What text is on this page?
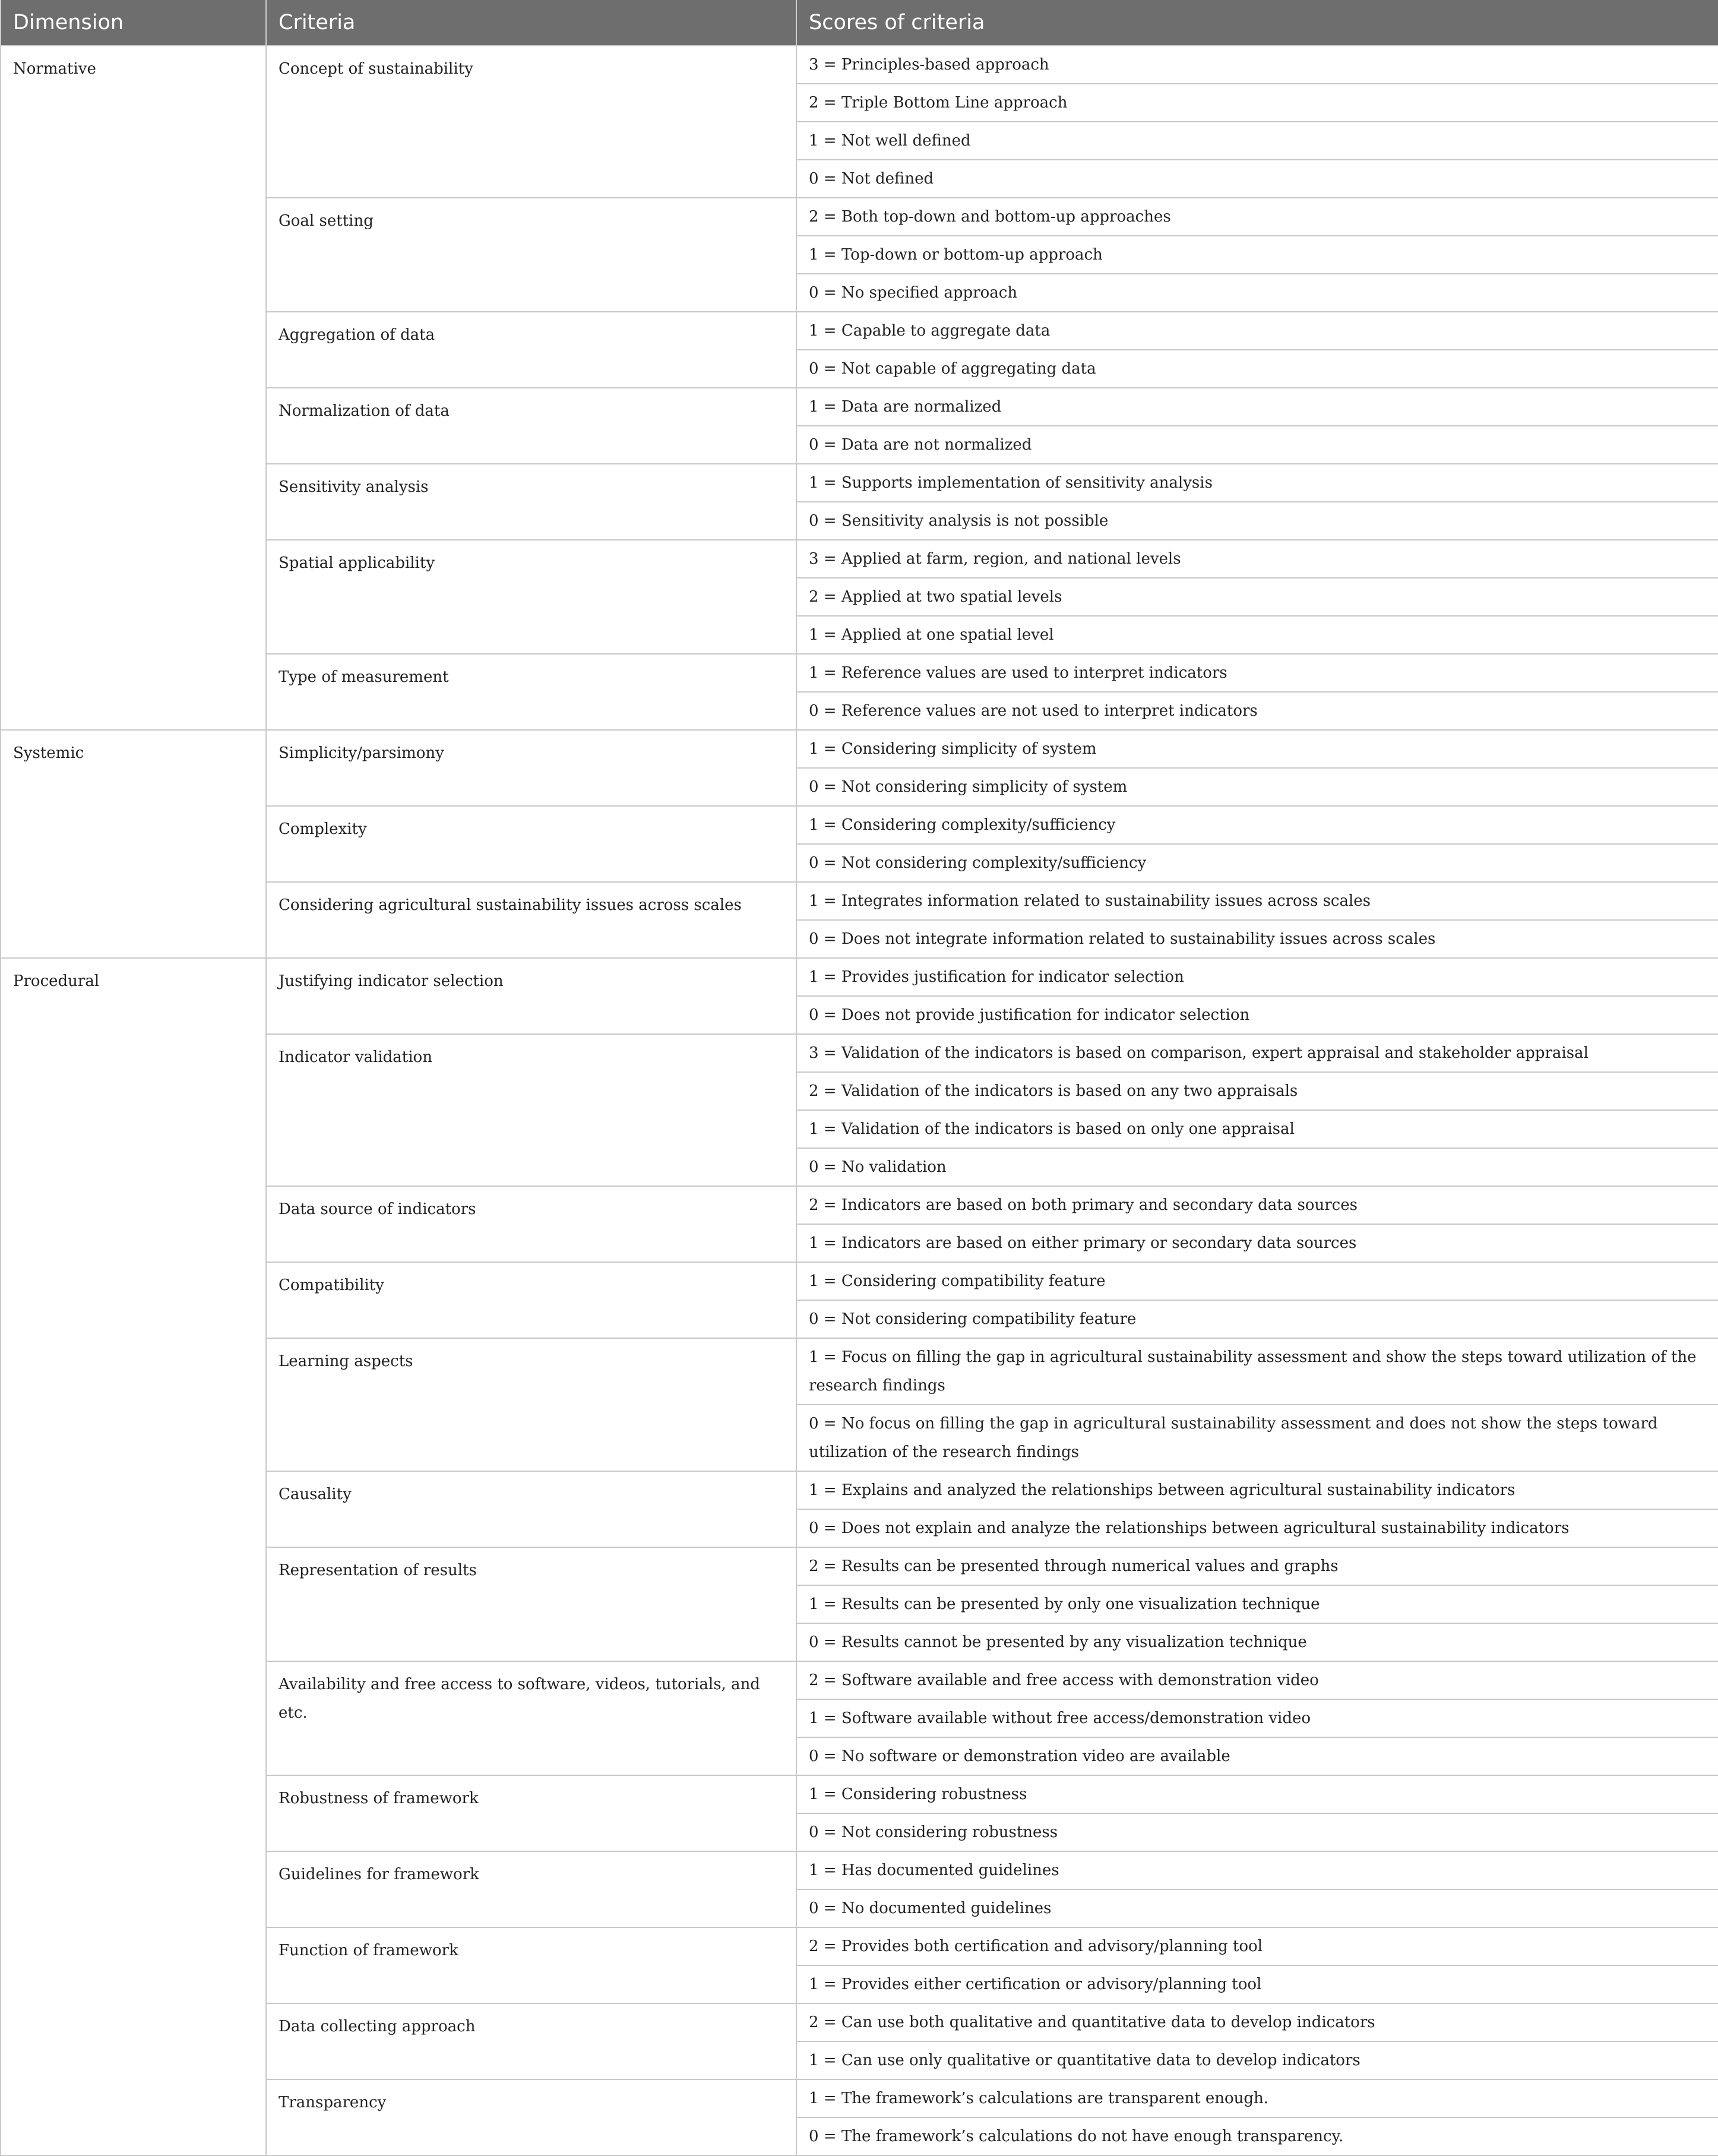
Dimension	Criteria	Scores of criteria
Normative	Concept of sustainability	3 = Principles-based approach
		2 = Triple Bottom Line approach
		1 = Not well defined
		0 = Not defined
	Goal setting	2 = Both top-down and bottom-up approaches
		1 = Top-down or bottom-up approach
		0 = No specified approach
	Aggregation of data	1 = Capable to aggregate data
		0 = Not capable of aggregating data
	Normalization of data	1 = Data are normalized
		0 = Data are not normalized
	Sensitivity analysis	1 = Supports implementation of sensitivity analysis
		0 = Sensitivity analysis is not possible
	Spatial applicability	3 = Applied at farm, region, and national levels
		2 = Applied at two spatial levels
		1 = Applied at one spatial level
	Type of measurement	1 = Reference values are used to interpret indicators
		0 = Reference values are not used to interpret indicators
Systemic	Simplicity/parsimony	1 = Considering simplicity of system
		0 = Not considering simplicity of system
	Complexity	1 = Considering complexity/sufficiency
		0 = Not considering complexity/sufficiency
	Considering agricultural sustainability issues across scales	1 = Integrates information related to sustainability issues across scales
		0 = Does not integrate information related to sustainability issues across scales
Procedural	Justifying indicator selection	1 = Provides justification for indicator selection
		0 = Does not provide justification for indicator selection
	Indicator validation	3 = Validation of the indicators is based on comparison, expert appraisal and stakeholder appraisal
		2 = Validation of the indicators is based on any two appraisals
		1 = Validation of the indicators is based on only one appraisal
		0 = No validation
	Data source of indicators	2 = Indicators are based on both primary and secondary data sources
		1 = Indicators are based on either primary or secondary data sources
	Compatibility	1 = Considering compatibility feature
		0 = Not considering compatibility feature
	Learning aspects	1 = Focus on filling the gap in agricultural sustainability assessment and show the steps toward utilization of the research findings
		0 = No focus on filling the gap in agricultural sustainability assessment and does not show the steps toward utilization of the research findings
	Causality	1 = Explains and analyzed the relationships between agricultural sustainability indicators
		0 = Does not explain and analyze the relationships between agricultural sustainability indicators
	Representation of results	2 = Results can be presented through numerical values and graphs
		1 = Results can be presented by only one visualization technique
		0 = Results cannot be presented by any visualization technique
	Availability and free access to software, videos, tutorials, and etc.	2 = Software available and free access with demonstration video
		1 = Software available without free access/demonstration video
		0 = No software or demonstration video are available
	Robustness of framework	1 = Considering robustness
		0 = Not considering robustness
	Guidelines for framework	1 = Has documented guidelines
		0 = No documented guidelines
	Function of framework	2 = Provides both certification and advisory/planning tool
		1 = Provides either certification or advisory/planning tool
	Data collecting approach	2 = Can use both qualitative and quantitative data to develop indicators
		1 = Can use only qualitative or quantitative data to develop indicators
	Transparency	1 = The framework’s calculations are transparent enough.
		0 = The framework’s calculations do not have enough transparency.
